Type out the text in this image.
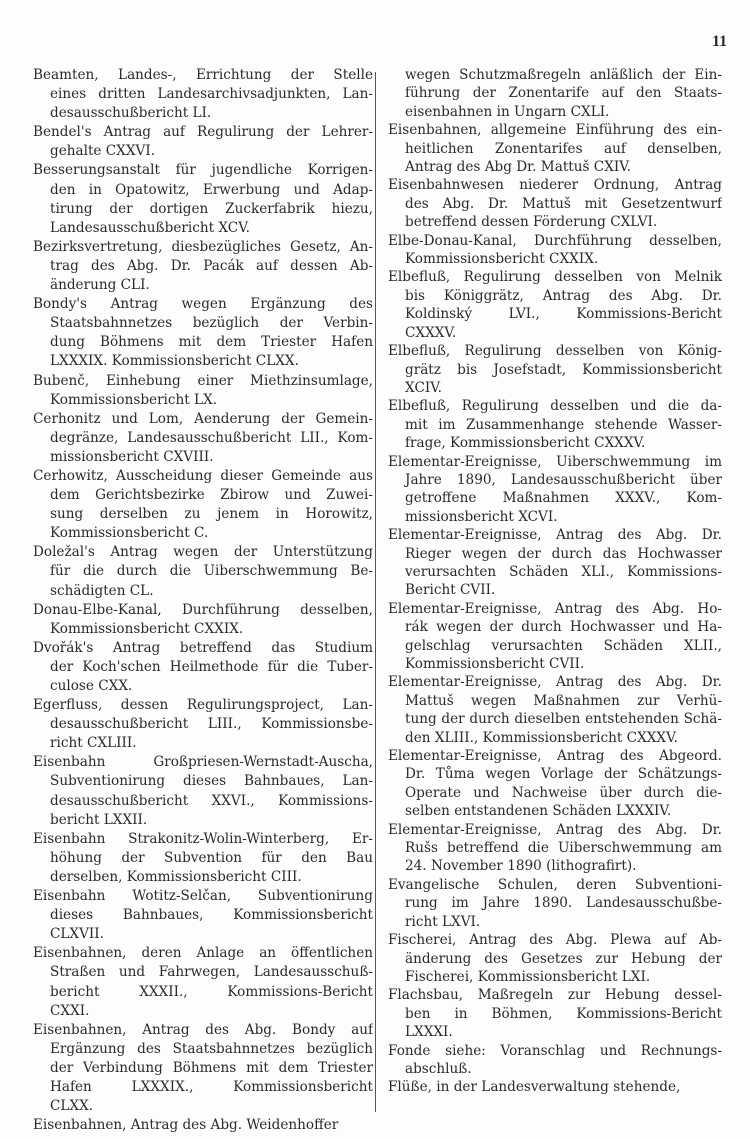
11
Beamten, Landes-, Errichtung der Stelle
eines dritten Landesarchivsadjunkten, Lan-
desausschußbericht LI.
Bendel's Antrag auf Regulirung der Lehrer-
gehalte CXXVI.
Besserungsanstalt für jugendliche Korrigen-
den in Opatowitz, Erwerbung und Adap-
tirung der dortigen Zuckerfabrik hiezu,
Landesausschußbericht XCV.
Bezirksvertretung, diesbezügliches Gesetz, An-
trag des Abg. Dr. Pacák auf dessen Ab-
änderung CLI.
Bondy's Antrag wegen Ergänzung des
Staatsbahnnetzes bezüglich der Verbin-
dung Böhmens mit dem Triester Hafen
LXXXIX. Kommissionsbericht CLXX.
Bubenč, Einhebung einer Miethzinsumlage,
Kommissionsbericht LX.
Cerhonitz und Lom, Aenderung der Gemein-
degränze, Landesausschußbericht LII., Kom-
missionsbericht CXVIII.
Cerhowitz, Ausscheidung dieser Gemeinde aus
dem Gerichtsbezirke Zbirow und Zuwei-
sung derselben zu jenem in Horowitz,
Kommissionsbericht C.
Doležal's Antrag wegen der Unterstützung
für die durch die Uiberschwemmung Be-
schädigten CL.
Donau-Elbe-Kanal, Durchführung desselben,
Kommissionsbericht CXXIX.
Dvořák's Antrag betreffend das Studium
der Koch'schen Heilmethode für die Tuber-
culose CXX.
Egerfluss, dessen Regulirungsproject, Lan-
desausschußbericht LIII., Kommissionsbe-
richt CXLIII.
Eisenbahn Großpriesen-Wernstadt-Auscha,
Subventionirung dieses Bahnbaues, Lan-
desausschußbericht XXVI., Kommissions-
bericht LXXII.
Eisenbahn Strakonitz-Wolin-Winterberg, Er-
höhung der Subvention für den Bau
derselben, Kommissionsbericht CIII.
Eisenbahn Wotitz-Selčan, Subventionirung
dieses Bahnbaues, Kommissionsbericht
CLXVII.
Eisenbahnen, deren Anlage an öffentlichen
Straßen und Fahrwegen, Landesausschuß-
bericht XXXII., Kommissions-Bericht
CXXI.
Eisenbahnen, Antrag des Abg. Bondy auf
Ergänzung des Staatsbahnnetzes bezüglich
der Verbindung Böhmens mit dem Triester
Hafen LXXXIX., Kommissionsbericht
CLXX.
Eisenbahnen, Antrag des Abg. Weidenhoffer
wegen Schutzmaßregeln anläßlich der Ein-
führung der Zonentarife auf den Staats-
eisenbahnen in Ungarn CXLI.
Eisenbahnen, allgemeine Einführung des ein-
heitlichen Zonentarifes auf denselben,
Antrag des Abg Dr. Mattuš CXIV.
Eisenbahnwesen niederer Ordnung, Antrag
des Abg. Dr. Mattuš mit Gesetzentwurf
betreffend dessen Förderung CXLVI.
Elbe-Donau-Kanal, Durchführung desselben,
Kommissionsbericht CXXIX.
Elbefluß, Regulirung desselben von Melnik
bis Königgrätz, Antrag des Abg. Dr.
Koldinský LVI., Kommissions-Bericht
CXXXV.
Elbefluß, Regulirung desselben von König-
grätz bis Josefstadt, Kommissionsbericht
XCIV.
Elbefluß, Regulirung desselben und die da-
mit im Zusammenhange stehende Wasser-
frage, Kommissionsbericht CXXXV.
Elementar-Ereignisse, Uiberschwemmung im
Jahre 1890, Landesausschußbericht über
getroffene Maßnahmen XXXV., Kom-
missionsbericht XCVI.
Elementar-Ereignisse, Antrag des Abg. Dr.
Rieger wegen der durch das Hochwasser
verursachten Schäden XLI., Kommissions-
Bericht CVII.
Elementar-Ereignisse, Antrag des Abg. Ho-
rák wegen der durch Hochwasser und Ha-
gelschlag verursachten Schäden XLII.,
Kommissionsbericht CVII.
Elementar-Ereignisse, Antrag des Abg. Dr.
Mattuš wegen Maßnahmen zur Verhü-
tung der durch dieselben entstehenden Schä-
den XLIII., Kommissionsbericht CXXXV.
Elementar-Ereignisse, Antrag des Abgeord.
Dr. Tůma wegen Vorlage der Schätzungs-
Operate und Nachweise über durch die-
selben entstandenen Schäden LXXXIV.
Elementar-Ereignisse, Antrag des Abg. Dr.
Rušs betreffend die Uiberschwemmung am
24. November 1890 (lithografirt).
Evangelische Schulen, deren Subventioni-
rung im Jahre 1890. Landesausschußbe-
richt LXVI.
Fischerei, Antrag des Abg. Plewa auf Ab-
änderung des Gesetzes zur Hebung der
Fischerei, Kommissionsbericht LXI.
Flachsbau, Maßregeln zur Hebung dessel-
ben in Böhmen, Kommissions-Bericht
LXXXI.
Fonde siehe: Voranschlag und Rechnungs-
abschluß.
Flüße, in der Landesverwaltung stehende,
